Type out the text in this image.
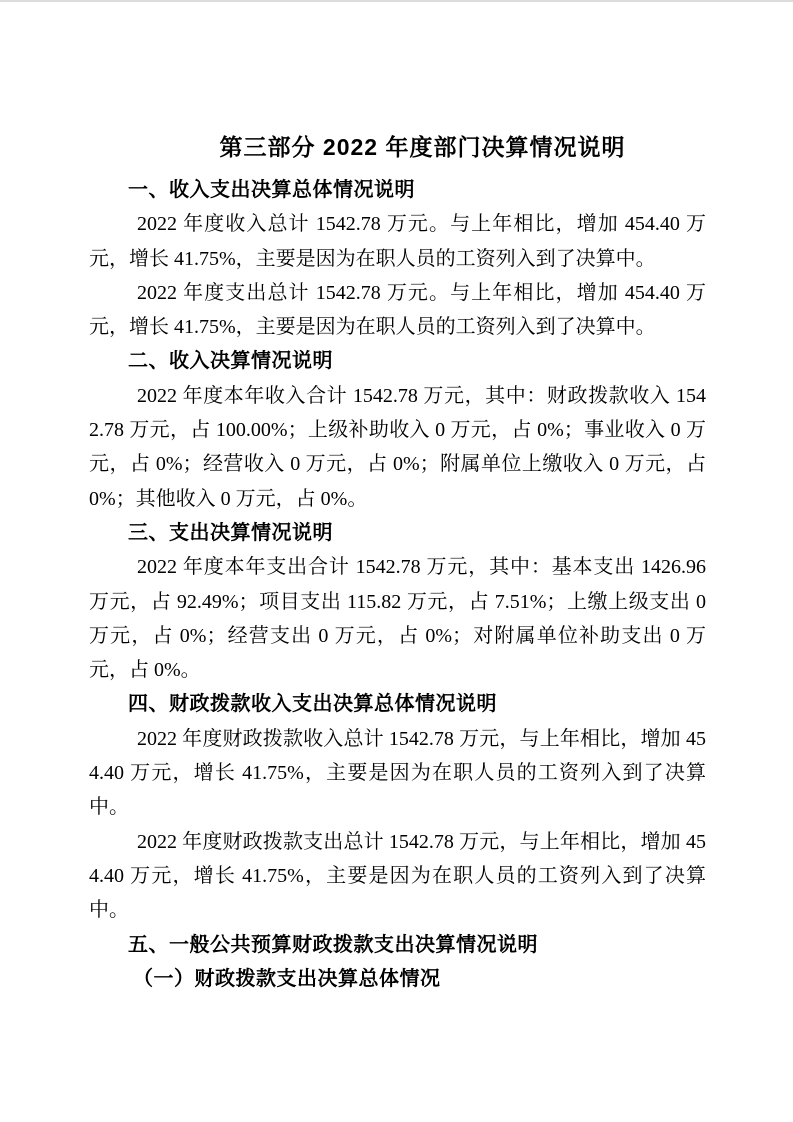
第三部分 2022 年度部门决算情况说明
一、收入支出决算总体情况说明

2022 年度收入总计 1542.78 万元。与上年相比，增加 454.40 万元，增长 41.75%，主要是因为在职人员的工资列入到了决算中。

2022 年度支出总计 1542.78 万元。与上年相比，增加 454.40 万元，增长 41.75%，主要是因为在职人员的工资列入到了决算中。

二、收入决算情况说明

2022 年度本年收入合计 1542.78 万元，其中：财政拨款收入 1542.78 万元，占 100.00%；上级补助收入 0 万元，占 0%；事业收入 0 万元，占 0%；经营收入 0 万元，占 0%；附属单位上缴收入 0 万元，占 0%；其他收入 0 万元，占 0%。

三、支出决算情况说明

2022 年度本年支出合计 1542.78 万元，其中：基本支出 1426.96 万元，占 92.49%；项目支出 115.82 万元，占 7.51%；上缴上级支出 0 万元，占 0%；经营支出 0 万元，占 0%；对附属单位补助支出 0 万元，占 0%。

四、财政拨款收入支出决算总体情况说明

2022 年度财政拨款收入总计 1542.78 万元，与上年相比，增加 454.40 万元，增长 41.75%，主要是因为在职人员的工资列入到了决算中。

2022 年度财政拨款支出总计 1542.78 万元，与上年相比，增加 454.40 万元，增长 41.75%，主要是因为在职人员的工资列入到了决算中。

五、一般公共预算财政拨款支出决算情况说明
（一）财政拨款支出决算总体情况
